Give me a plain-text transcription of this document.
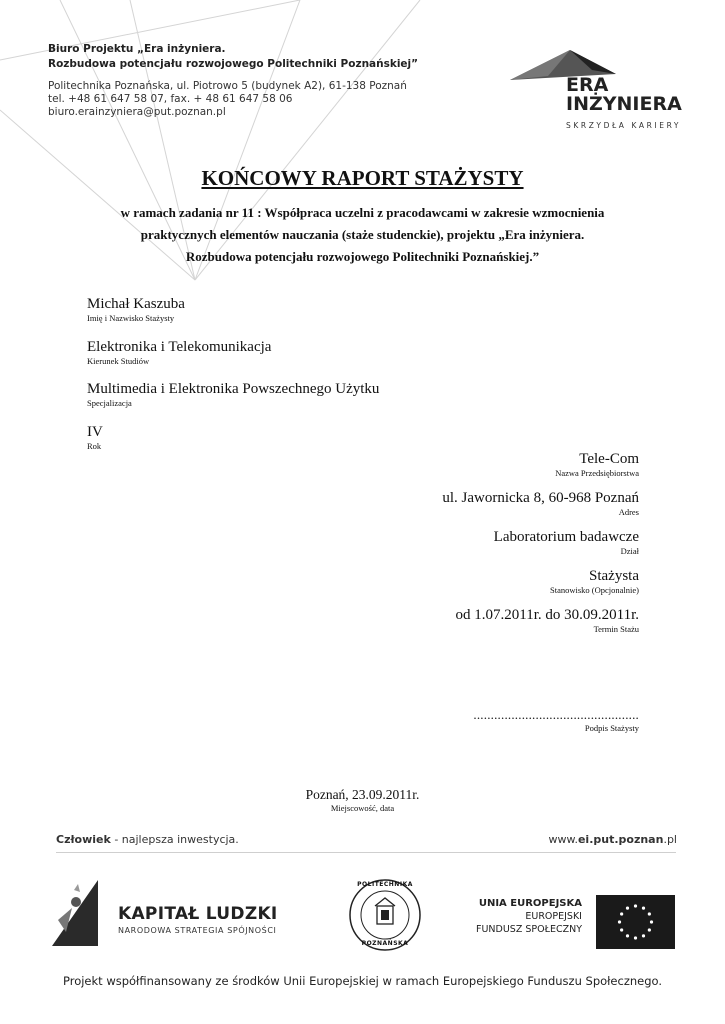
Biuro Projektu „Era inżyniera.
Rozbudowa potencjału rozwojowego Politechniki Poznańskiej”
Politechnika Poznańska, ul. Piotrowo 5 (budynek A2), 61-138 Poznań
tel. +48 61 647 58 07, fax. + 48 61 647 58 06
biuro.erainzyniera@put.poznan.pl
ERA
INŻYNIERA
SKRZYDŁA KARIERY
KOŃCOWY RAPORT STAŻYSTY
w ramach zadania nr 11 : Współpraca uczelni z pracodawcami w zakresie wzmocnienia praktycznych elementów nauczania (staże studenckie), projektu „Era inżyniera. Rozbudowa potencjału rozwojowego Politechniki Poznańskiej.”
Michał Kaszuba
Imię i Nazwisko Stażysty
Elektronika i Telekomunikacja
Kierunek Studiów
Multimedia i Elektronika Powszechnego Użytku
Specjalizacja
IV
Rok
Tele-Com
Nazwa Przedsiębiorstwa
ul. Jawornicka 8, 60-968 Poznań
Adres
Laboratorium badawcze
Dział
Stażysta
Stanowisko (Opcjonalnie)
od 1.07.2011r. do 30.09.2011r.
Termin Stażu
................................................
Podpis Stażysty
Poznań, 23.09.2011r.
Miejscowość, data
Człowiek - najlepsza inwestycja.	www.ei.put.poznan.pl
KAPITAŁ LUDZKI
NARODOWA STRATEGIA SPÓJNOŚCI
POLITECHNIKA
POZNAŃSKA
UNIA EUROPEJSKA
EUROPEJSKI
FUNDUSZ SPOŁECZNY
Projekt współfinansowany ze środków Unii Europejskiej w ramach Europejskiego Funduszu Społecznego.
